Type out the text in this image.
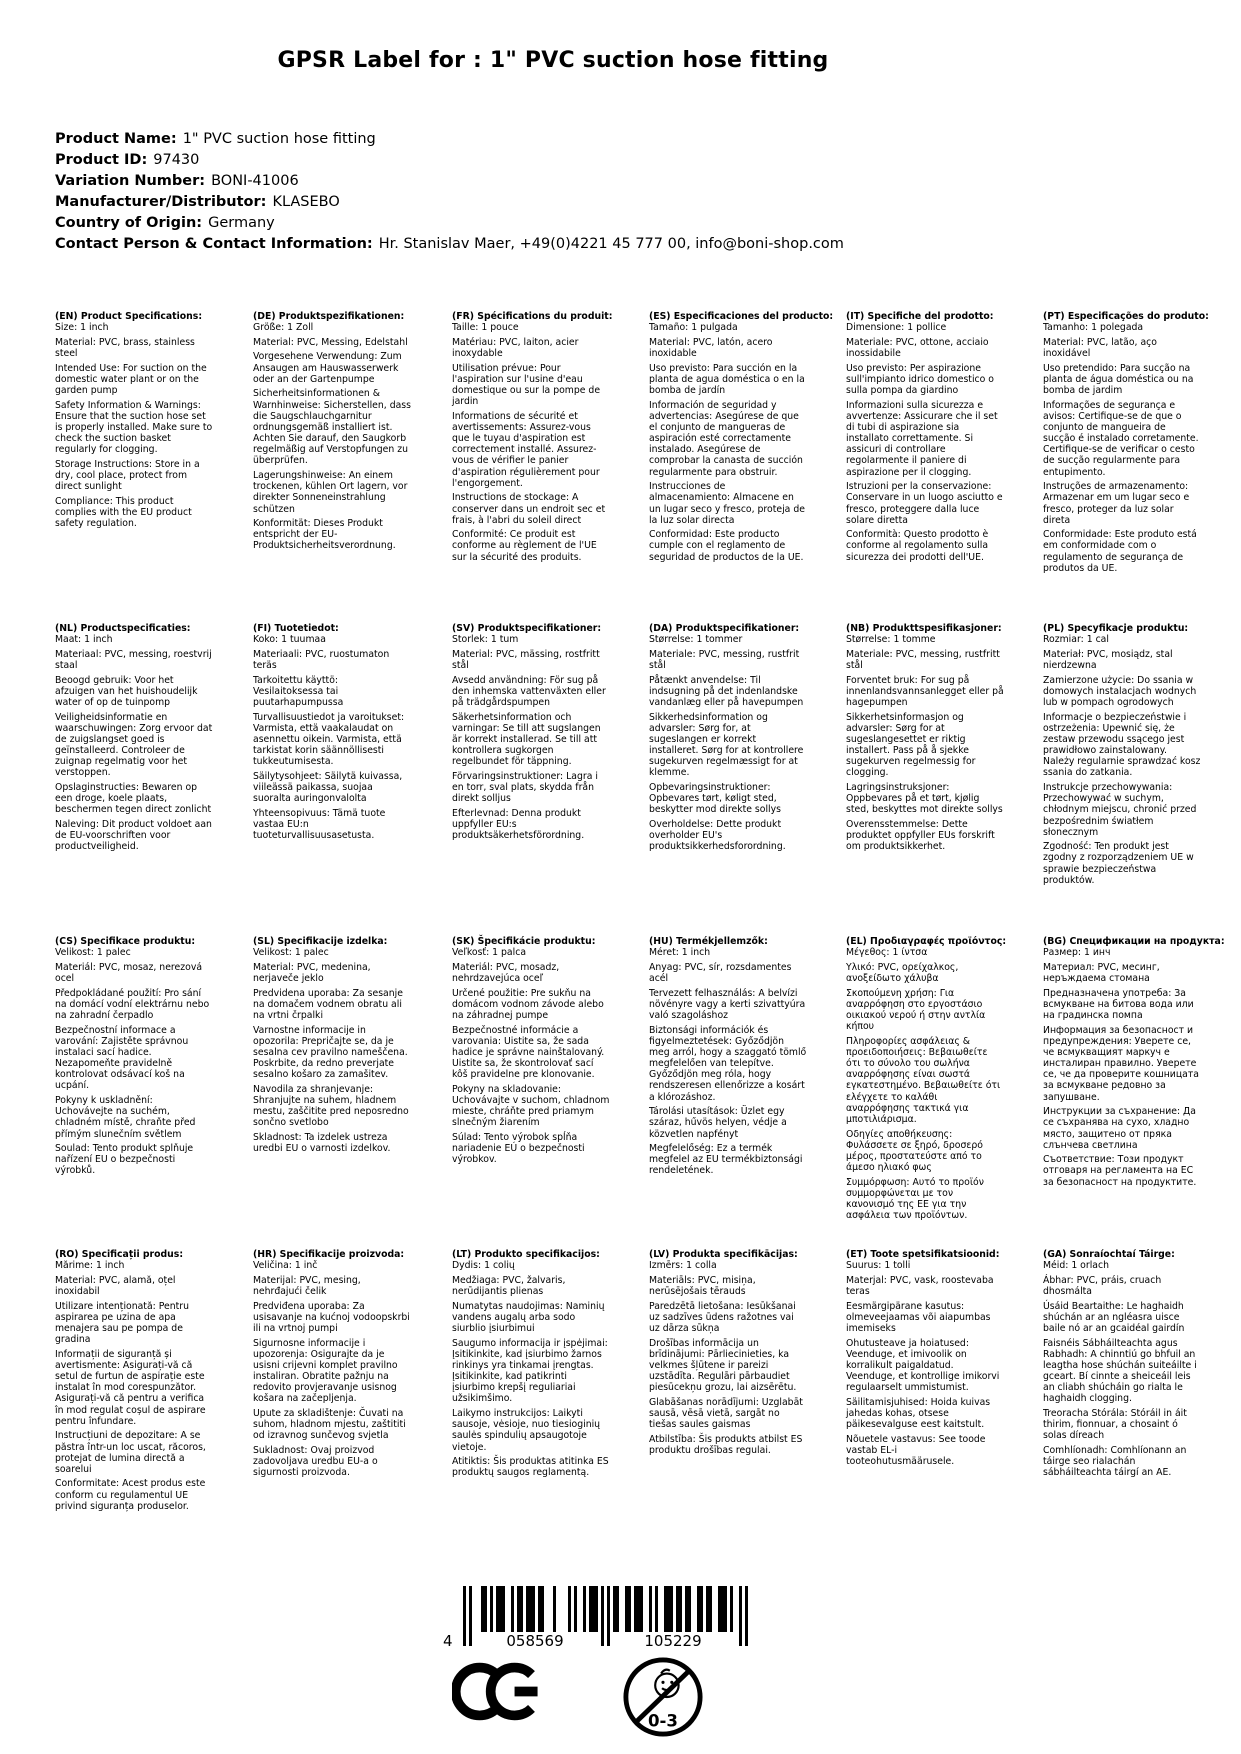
GPSR Label for : 1" PVC suction hose fitting
Product Name: 1" PVC suction hose fitting
Product ID: 97430
Variation Number: BONI-41006
Manufacturer/Distributor: KLASEBO
Country of Origin: Germany
Contact Person & Contact Information: Hr. Stanislav Maer, +49(0)4221 45 777 00, info@boni-shop.com
(EN) Product Specifications:
Size: 1 inch
Material: PVC, brass, stainless steel
Intended Use: For suction on the domestic water plant or on the garden pump
Safety Information & Warnings: Ensure that the suction hose set is properly installed. Make sure to check the suction basket regularly for clogging.
Storage Instructions: Store in a dry, cool place, protect from direct sunlight
Compliance: This product complies with the EU product safety regulation.
(DE) Produktspezifikationen:
Größe: 1 Zoll
Material: PVC, Messing, Edelstahl
Vorgesehene Verwendung: Zum Ansaugen am Hauswasserwerk oder an der Gartenpumpe
Sicherheitsinformationen & Warnhinweise: Sicherstellen, dass die Saugschlauchgarnitur ordnungsgemäß installiert ist. Achten Sie darauf, den Saugkorb regelmäßig auf Verstopfungen zu überprüfen.
Lagerungshinweise: An einem trockenen, kühlen Ort lagern, vor direkter Sonneneinstrahlung schützen
Konformität: Dieses Produkt entspricht der EU-Produktsicherheitsverordnung.
(FR) Spécifications du produit:
Taille: 1 pouce
Matériau: PVC, laiton, acier inoxydable
Utilisation prévue: Pour l'aspiration sur l'usine d'eau domestique ou sur la pompe de jardin
Informations de sécurité et avertissements: Assurez-vous que le tuyau d'aspiration est correctement installé. Assurez-vous de vérifier le panier d'aspiration régulièrement pour l'engorgement.
Instructions de stockage: A conserver dans un endroit sec et frais, à l'abri du soleil direct
Conformité: Ce produit est conforme au règlement de l'UE sur la sécurité des produits.
(ES) Especificaciones del producto:
Tamaño: 1 pulgada
Material: PVC, latón, acero inoxidable
Uso previsto: Para succión en la planta de agua doméstica o en la bomba de jardín
Información de seguridad y advertencias: Asegúrese de que el conjunto de mangueras de aspiración esté correctamente instalado. Asegúrese de comprobar la canasta de succión regularmente para obstruir.
Instrucciones de almacenamiento: Almacene en un lugar seco y fresco, proteja de la luz solar directa
Conformidad: Este producto cumple con el reglamento de seguridad de productos de la UE.
(IT) Specifiche del prodotto:
Dimensione: 1 pollice
Materiale: PVC, ottone, acciaio inossidabile
Uso previsto: Per aspirazione sull'impianto idrico domestico o sulla pompa da giardino
Informazioni sulla sicurezza e avvertenze: Assicurare che il set di tubi di aspirazione sia installato correttamente. Si assicuri di controllare regolarmente il paniere di aspirazione per il clogging.
Istruzioni per la conservazione: Conservare in un luogo asciutto e fresco, proteggere dalla luce solare diretta
Conformità: Questo prodotto è conforme al regolamento sulla sicurezza dei prodotti dell'UE.
(PT) Especificações do produto:
Tamanho: 1 polegada
Material: PVC, latão, aço inoxidável
Uso pretendido: Para sucção na planta de água doméstica ou na bomba de jardim
Informações de segurança e avisos: Certifique-se de que o conjunto de mangueira de sucção é instalado corretamente. Certifique-se de verificar o cesto de sucção regularmente para entupimento.
Instruções de armazenamento: Armazenar em um lugar seco e fresco, proteger da luz solar direta
Conformidade: Este produto está em conformidade com o regulamento de segurança de produtos da UE.
(NL) Productspecificaties:
Maat: 1 inch
Materiaal: PVC, messing, roestvrij staal
Beoogd gebruik: Voor het afzuigen van het huishoudelijk water of op de tuinpomp
Veiligheidsinformatie en waarschuwingen: Zorg ervoor dat de zuigslangset goed is geïnstalleerd. Controleer de zuignap regelmatig voor het verstoppen.
Opslaginstructies: Bewaren op een droge, koele plaats, beschermen tegen direct zonlicht
Naleving: Dit product voldoet aan de EU-voorschriften voor productveiligheid.
(FI) Tuotetiedot:
Koko: 1 tuumaa
Materiaali: PVC, ruostumaton teräs
Tarkoitettu käyttö: Vesilaitoksessa tai puutarhapumpussa
Turvallisuustiedot ja varoitukset: Varmista, että vaakalaudat on asennettu oikein. Varmista, että tarkistat korin säännöllisesti tukkeutumisesta.
Säilytysohjeet: Säilytä kuivassa, viileässä paikassa, suojaa suoralta auringonvalolta
Yhteensopivuus: Tämä tuote vastaa EU:n tuoteturvallisuusasetusta.
(SV) Produktspecifikationer:
Storlek: 1 tum
Material: PVC, mässing, rostfritt stål
Avsedd användning: För sug på den inhemska vattenväxten eller på trädgårdspumpen
Säkerhetsinformation och varningar: Se till att sugslangen är korrekt installerad. Se till att kontrollera sugkorgen regelbundet för täppning.
Förvaringsinstruktioner: Lagra i en torr, sval plats, skydda från direkt solljus
Efterlevnad: Denna produkt uppfyller EU:s produktsäkerhetsförordning.
(DA) Produktspecifikationer:
Størrelse: 1 tommer
Materiale: PVC, messing, rustfrit stål
Påtænkt anvendelse: Til indsugning på det indenlandske vandanlæg eller på havepumpen
Sikkerhedsinformation og advarsler: Sørg for, at sugeslangen er korrekt installeret. Sørg for at kontrollere sugekurven regelmæssigt for at klemme.
Opbevaringsinstruktioner: Opbevares tørt, køligt sted, beskytter mod direkte sollys
Overholdelse: Dette produkt overholder EU's produktsikkerhedsforordning.
(NB) Produkttspesifikasjoner:
Størrelse: 1 tomme
Materiale: PVC, messing, rustfritt stål
Forventet bruk: For sug på innenlandsvannsanlegget eller på hagepumpen
Sikkerhetsinformasjon og advarsler: Sørg for at sugeslangesettet er riktig installert. Pass på å sjekke sugekurven regelmessig for clogging.
Lagringsinstruksjoner: Oppbevares på et tørt, kjølig sted, beskyttes mot direkte sollys
Overensstemmelse: Dette produktet oppfyller EUs forskrift om produktsikkerhet.
(PL) Specyfikacje produktu:
Rozmiar: 1 cal
Materiał: PVC, mosiądz, stal nierdzewna
Zamierzone użycie: Do ssania w domowych instalacjach wodnych lub w pompach ogrodowych
Informacje o bezpieczeństwie i ostrzeżenia: Upewnić się, że zestaw przewodu ssącego jest prawidłowo zainstalowany. Należy regularnie sprawdzać kosz ssania do zatkania.
Instrukcje przechowywania: Przechowywać w suchym, chłodnym miejscu, chronić przed bezpośrednim światłem słonecznym
Zgodność: Ten produkt jest zgodny z rozporządzeniem UE w sprawie bezpieczeństwa produktów.
(CS) Specifikace produktu:
Velikost: 1 palec
Materiál: PVC, mosaz, nerezová ocel
Předpokládané použití: Pro sání na domácí vodní elektrárnu nebo na zahradní čerpadlo
Bezpečnostní informace a varování: Zajistěte správnou instalaci sací hadice. Nezapomeňte pravidelně kontrolovat odsávací koš na ucpání.
Pokyny k uskladnění: Uchovávejte na suchém, chladném místě, chraňte před přímým slunečním světlem
Soulad: Tento produkt splňuje nařízení EU o bezpečnosti výrobků.
(SL) Specifikacije izdelka:
Velikost: 1 palec
Material: PVC, medenina, nerjaveče jeklo
Predvidena uporaba: Za sesanje na domačem vodnem obratu ali na vrtni črpalki
Varnostne informacije in opozorila: Prepričajte se, da je sesalna cev pravilno nameščena. Poskrbite, da redno preverjate sesalno košaro za zamašitev.
Navodila za shranjevanje: Shranjujte na suhem, hladnem mestu, zaščitite pred neposredno sončno svetlobo
Skladnost: Ta izdelek ustreza uredbi EU o varnosti izdelkov.
(SK) Špecifikácie produktu:
Veľkosť: 1 palca
Materiál: PVC, mosadz, nehrdzavejúca oceľ
Určené použitie: Pre sukňu na domácom vodnom závode alebo na záhradnej pumpe
Bezpečnostné informácie a varovania: Uistite sa, že sada hadice je správne nainštalovaný. Uistite sa, že skontrolovať sací kôš pravidelne pre klonovanie.
Pokyny na skladovanie: Uchovávajte v suchom, chladnom mieste, chráňte pred priamym slnečným žiarením
Súlad: Tento výrobok spĺňa nariadenie EÚ o bezpečnosti výrobkov.
(HU) Termékjellemzők:
Méret: 1 inch
Anyag: PVC, sír, rozsdamentes acél
Tervezett felhasználás: A belvízi növényre vagy a kerti szivattyúra való szagoláshoz
Biztonsági információk és figyelmeztetések: Győződjön meg arról, hogy a szaggató tömlő megfelelően van telepítve. Győződjön meg róla, hogy rendszeresen ellenőrizze a kosárt a klórozáshoz.
Tárolási utasítások: Üzlet egy száraz, hűvös helyen, védje a közvetlen napfényt
Megfelelőség: Ez a termék megfelel az EU termékbiztonsági rendeletének.
(EL) Προδιαγραφές προϊόντος:
Μέγεθος: 1 ίντσα
Υλικό: PVC, ορείχαλκος, ανοξείδωτο χάλυβα
Σκοπούμενη χρήση: Για αναρρόφηση στο εργοστάσιο οικιακού νερού ή στην αντλία κήπου
Πληροφορίες ασφάλειας & προειδοποιήσεις: Βεβαιωθείτε ότι το σύνολο του σωλήνα αναρρόφησης είναι σωστά εγκατεστημένο. Βεβαιωθείτε ότι ελέγχετε το καλάθι αναρρόφησης τακτικά για μποτιλιάρισμα.
Οδηγίες αποθήκευσης: Φυλάσσετε σε ξηρό, δροσερό μέρος, προστατεύστε από το άμεσο ηλιακό φως
Συμμόρφωση: Αυτό το προϊόν συμμορφώνεται με τον κανονισμό της ΕΕ για την ασφάλεια των προϊόντων.
(BG) Спецификации на продукта:
Размер: 1 инч
Материал: PVC, месинг, неръждаема стомана
Предназначена употреба: За всмукване на битова вода или на градинска помпа
Информация за безопасност и предупреждения: Уверете се, че всмукващият маркуч е инсталиран правилно. Уверете се, че да проверите кошницата за всмукване редовно за запушване.
Инструкции за съхранение: Да се съхранява на сухо, хладно място, защитено от пряка слънчева светлина
Съответствие: Този продукт отговаря на регламента на ЕС за безопасност на продуктите.
(RO) Specificații produs:
Mărime: 1 inch
Material: PVC, alamă, oțel inoxidabil
Utilizare intenționată: Pentru aspirarea pe uzina de apa menajera sau pe pompa de gradina
Informații de siguranță și avertismente: Asigurați-vă că setul de furtun de aspirație este instalat în mod corespunzător. Asigurați-vă că pentru a verifica în mod regulat coșul de aspirare pentru înfundare.
Instrucțiuni de depozitare: A se păstra într-un loc uscat, răcoros, protejat de lumina directă a soarelui
Conformitate: Acest produs este conform cu regulamentul UE privind siguranța produselor.
(HR) Specifikacije proizvoda:
Veličina: 1 inč
Materijal: PVC, mesing, nehrđajući čelik
Predviđena uporaba: Za usisavanje na kućnoj vodoopskrbi ili na vrtnoj pumpi
Sigurnosne informacije i upozorenja: Osigurajte da je usisni crijevni komplet pravilno instaliran. Obratite pažnju na redovito provjeravanje usisnog košara na začepljenja.
Upute za skladištenje: Čuvati na suhom, hladnom mjestu, zaštititi od izravnog sunčevog svjetla
Sukladnost: Ovaj proizvod zadovoljava uredbu EU-a o sigurnosti proizvoda.
(LT) Produkto specifikacijos:
Dydis: 1 colių
Medžiaga: PVC, žalvaris, nerūdijantis plienas
Numatytas naudojimas: Naminių vandens augalų arba sodo siurblio įsiurbimui
Saugumo informacija ir įspėjimai: Įsitikinkite, kad įsiurbimo žarnos rinkinys yra tinkamai įrengtas. Įsitikinkite, kad patikrinti įsiurbimo krepšį reguliariai užsikimšimo.
Laikymo instrukcijos: Laikyti sausoje, vėsioje, nuo tiesioginių saulės spindulių apsaugotoje vietoje.
Atitiktis: Šis produktas atitinka ES produktų saugos reglamentą.
(LV) Produkta specifikācijas:
Izmērs: 1 colla
Materiāls: PVC, misiņa, nerūsējošais tērauds
Paredzētā lietošana: Iesūkšanai uz sadzīves ūdens ražotnes vai uz dārza sūkņa
Drošības informācija un brīdinājumi: Pārliecinieties, ka velkmes šļūtene ir pareizi uzstādīta. Regulāri pārbaudiet piesūcekņu grozu, lai aizsērētu.
Glabāšanas norādījumi: Uzglabāt sausā, vēsā vietā, sargāt no tiešas saules gaismas
Atbilstība: Šis produkts atbilst ES produktu drošības regulai.
(ET) Toote spetsifikatsioonid:
Suurus: 1 tolli
Materjal: PVC, vask, roostevaba teras
Eesmärgipärane kasutus: olmeveejaamas või aiapumbas imemiseks
Ohutusteave ja hoiatused: Veenduge, et imivoolik on korralikult paigaldatud. Veenduge, et kontrollige imikorvi regulaarselt ummistumist.
Säilitamisjuhised: Hoida kuivas jahedas kohas, otsese päikesevalguse eest kaitstult.
Nõuetele vastavus: See toode vastab EL-i tooteohutusmäärusele.
(GA) Sonraíochtaí Táirge:
Méid: 1 orlach
Ábhar: PVC, práis, cruach dhosmálta
Úsáid Beartaithe: Le haghaidh shúchán ar an ngléasra uisce baile nó ar an gcaidéal gairdín
Faisnéis Sábháilteachta agus Rabhadh: A chinntiú go bhfuil an leagtha hose shúchán suiteáilte i gceart. Bí cinnte a sheiceáil leis an cliabh shúcháin go rialta le haghaidh clogging.
Treoracha Stórála: Stóráil in áit thirim, fionnuar, a chosaint ó solas díreach
Comhlíonadh: Comhlíonann an táirge seo rialachán sábháilteachta táirgí an AE.
4	058569	105229
0-3
